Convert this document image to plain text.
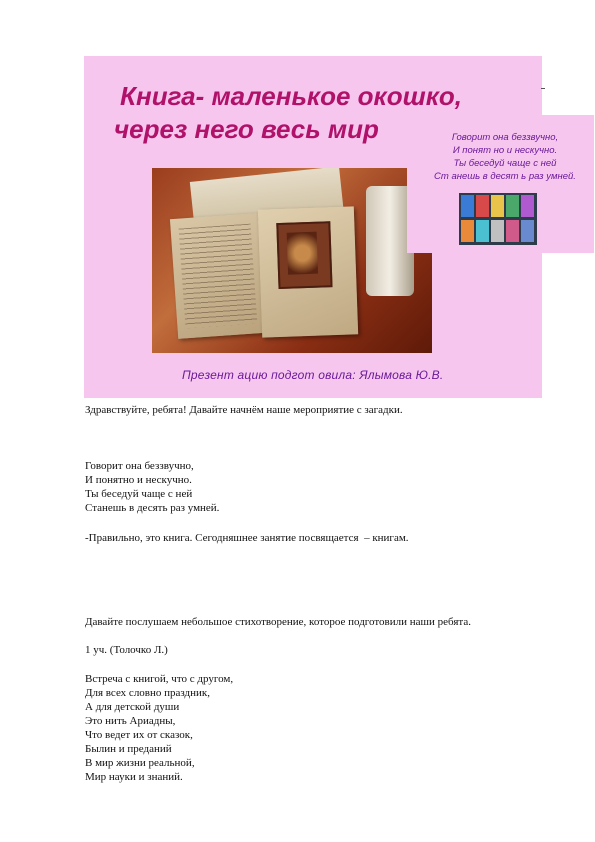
Книга- маленькое окошко,
через него весь мир

Презент ацию подгот овила: Ялымова Ю.В.

Говорит она беззвучно,
И понят но и нескучно.
Ты беседуй чаще с ней
Ст анешь в десят ь раз умней.

Здравствуйте, ребята! Давайте начнём наше мероприятие с загадки.

Говорит она беззвучно,
И понятно и нескучно.
Ты беседуй чаще с ней
Станешь в десять раз умней.

-Правильно, это книга. Сегодняшнее занятие посвящается  – книгам.

Давайте послушаем небольшое стихотворение, которое подготовили наши ребята.

1 уч. (Толочко Л.)

Встреча с книгой, что с другом,
Для всех словно праздник,
А для детской души
Это нить Ариадны,
Что ведет их от сказок,
Былин и преданий
В мир жизни реальной,
Мир науки и знаний.
